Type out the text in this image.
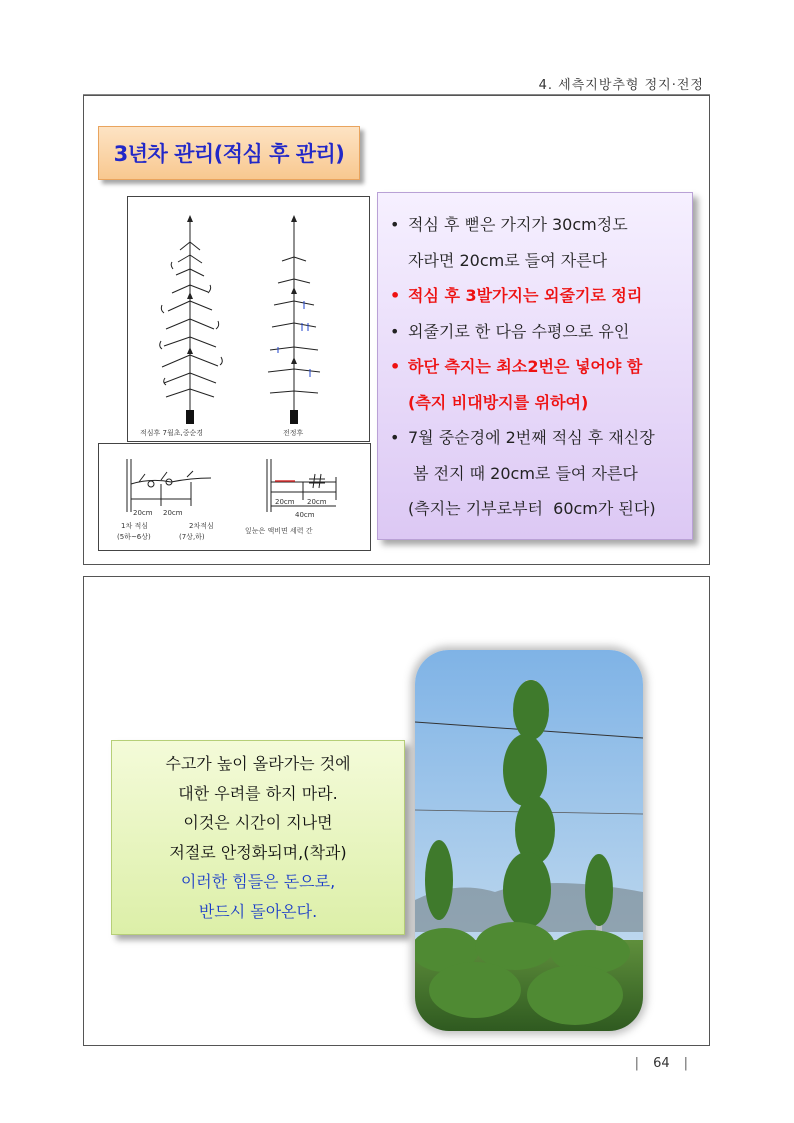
4. 세측지방추형 정지·전정
3년차 관리(적심 후 관리)
적심후 7월초,중순경	전정후
20cm 20cm
1차 적심
(5하~6상)
2차적심
(7상,하)
20cm 20cm
40cm
잎눈은 액비면 세력 간
• 적심 후 뻗은 가지가 30cm정도
자라면 20cm로 들여 자른다
• 적심 후 3발가지는 외줄기로 정리
• 외줄기로 한 다음 수평으로 유인
• 하단 측지는 최소2번은 넣어야 함
(측지 비대방지를 위하여)
• 7월 중순경에 2번째 적심 후 재신장
봄 전지 때 20cm로 들여 자른다
(측지는 기부로부터  60cm가 된다)
수고가 높이 올라가는 것에
대한 우려를 하지 마라.
이것은 시간이 지나면
저절로 안정화되며,(착과)
이러한 힘들은 돈으로,
반드시 돌아온다.
| 64 |
